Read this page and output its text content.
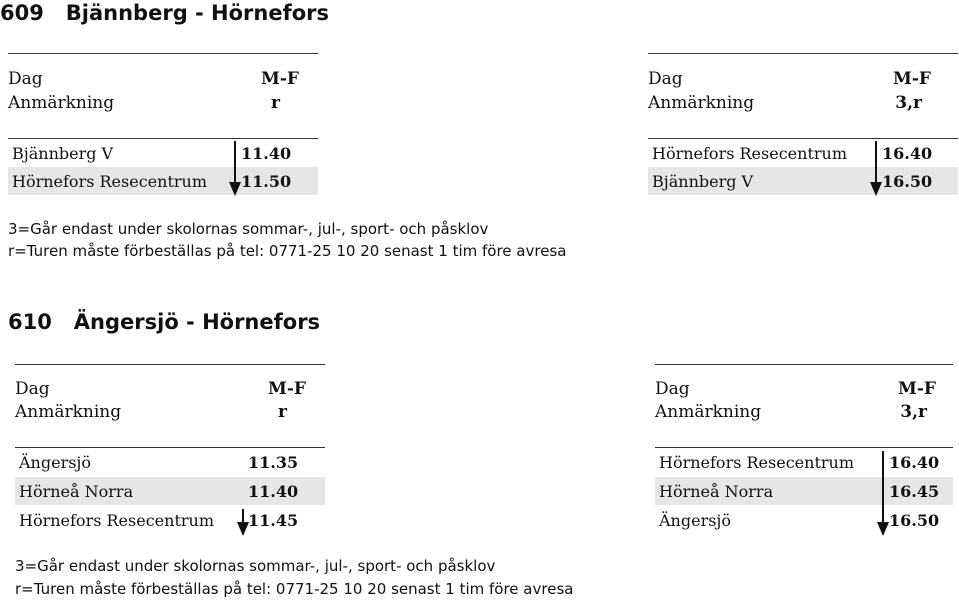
609 Bjännberg - Hörnefors
Dag	M-F
Anmärkning	r
Bjännberg V	11.40
Hörnefors Resecentrum 11.50
Dag	M-F
Anmärkning	3,r
Hörnefors Resecentrum 16.40
Bjännberg V	16.50
3=Går endast under skolornas sommar-, jul-, sport- och påsklov
r=Turen måste förbeställas på tel: 0771-25 10 20 senast 1 tim före avresa
610 Ängersjö - Hörnefors
Dag	M-F
Anmärkning	r
Ängersjö	11.35
Hörneå Norra	11.40
Hörnefors Resecentrum 11.45
Dag	M-F
Anmärkning	3,r
Hörnefors Resecentrum 16.40
Hörneå Norra	16.45
Ängersjö	16.50
3=Går endast under skolornas sommar-, jul-, sport- och påsklov
r=Turen måste förbeställas på tel: 0771-25 10 20 senast 1 tim före avresa
